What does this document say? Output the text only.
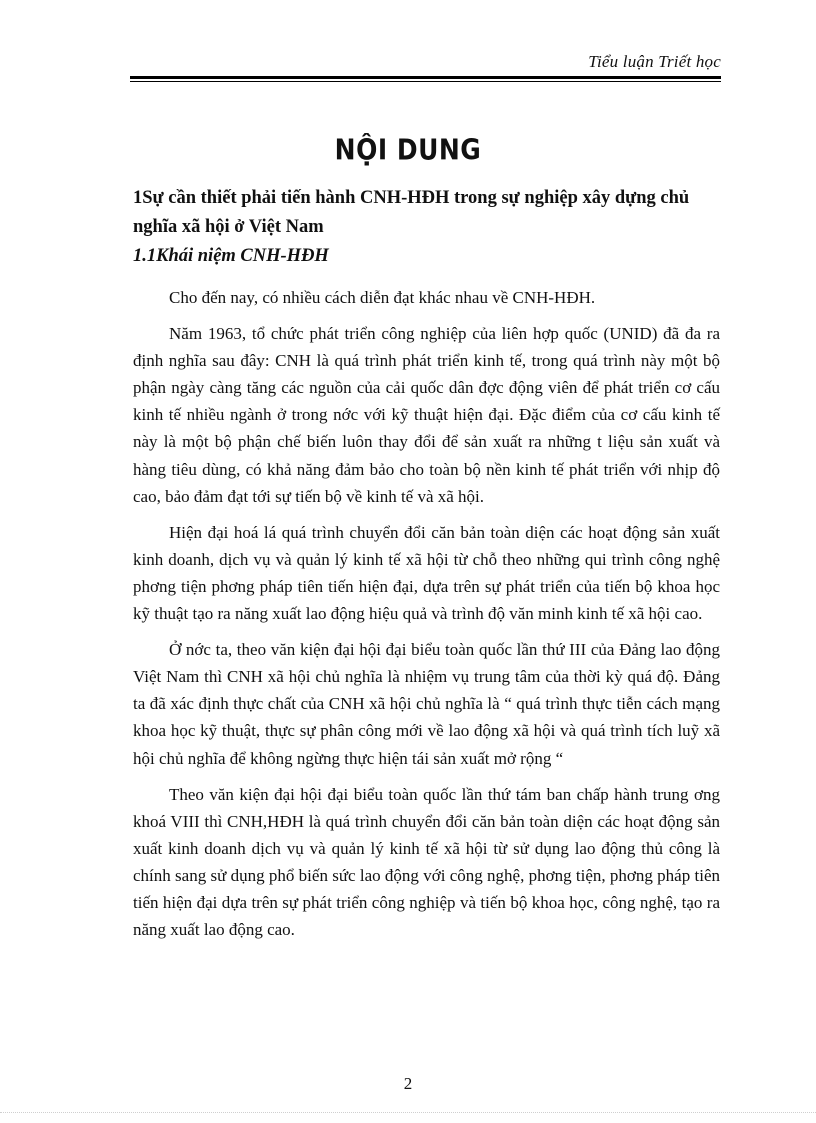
Tiểu luận Triết học
NỘI DUNG
1Sự cần thiết phải tiến hành CNH-HĐH trong sự nghiệp xây dựng chủ nghĩa xã hội ở Việt Nam
1.1Khái niệm CNH-HĐH

Cho đến nay, có nhiều cách diễn đạt khác nhau về CNH-HĐH.

Năm 1963, tổ chức phát triển công nghiệp của liên hợp quốc (UNID) đã đa ra định nghĩa sau đây: CNH là quá trình phát triển kinh tế, trong quá trình này một bộ phận ngày càng tăng các nguồn của cải quốc dân đợc động viên để phát triển cơ cấu kinh tế nhiều ngành ở trong nớc với kỹ thuật hiện đại. Đặc điểm của cơ cấu kinh tế này là một bộ phận chế biến luôn thay đổi để sản xuất ra những t liệu sản xuất và hàng tiêu dùng, có khả năng đảm bảo cho toàn bộ nền kinh tế phát triển với nhịp độ cao, bảo đảm đạt tới sự tiến bộ về kinh tế và xã hội.

Hiện đại hoá lá quá trình chuyển đổi căn bản toàn diện các hoạt động sản xuất kinh doanh, dịch vụ và quản lý kinh tế xã hội từ chỗ theo những qui trình công nghệ phơng tiện phơng pháp tiên tiến hiện đại, dựa trên sự phát triển của tiến bộ khoa học kỹ thuật tạo ra năng xuất lao động hiệu quả và trình độ văn minh kinh tế xã hội cao.

Ở nớc ta, theo văn kiện đại hội đại biểu toàn quốc lần thứ III của Đảng lao động Việt Nam thì CNH xã hội chủ nghĩa là nhiệm vụ trung tâm của thời kỳ quá độ. Đảng ta đã xác định thực chất của CNH xã hội chủ nghĩa là “ quá trình thực tiễn cách mạng khoa học kỹ thuật, thực sự phân công mới về lao động xã hội và quá trình tích luỹ xã hội chủ nghĩa để không ngừng thực hiện tái sản xuất mở rộng “

Theo văn kiện đại hội đại biểu toàn quốc lần thứ tám ban chấp hành trung ơng khoá VIII thì CNH,HĐH là quá trình chuyển đổi căn bản toàn diện các hoạt động sản xuất kinh doanh dịch vụ và quản lý kinh tế xã hội từ sử dụng lao động thủ công là chính sang sử dụng phổ biến sức lao động với công nghệ, phơng tiện, phơng pháp tiên tiến hiện đại dựa trên sự phát triển công nghiệp và tiến bộ khoa học, công nghệ, tạo ra năng xuất lao động cao.

2
